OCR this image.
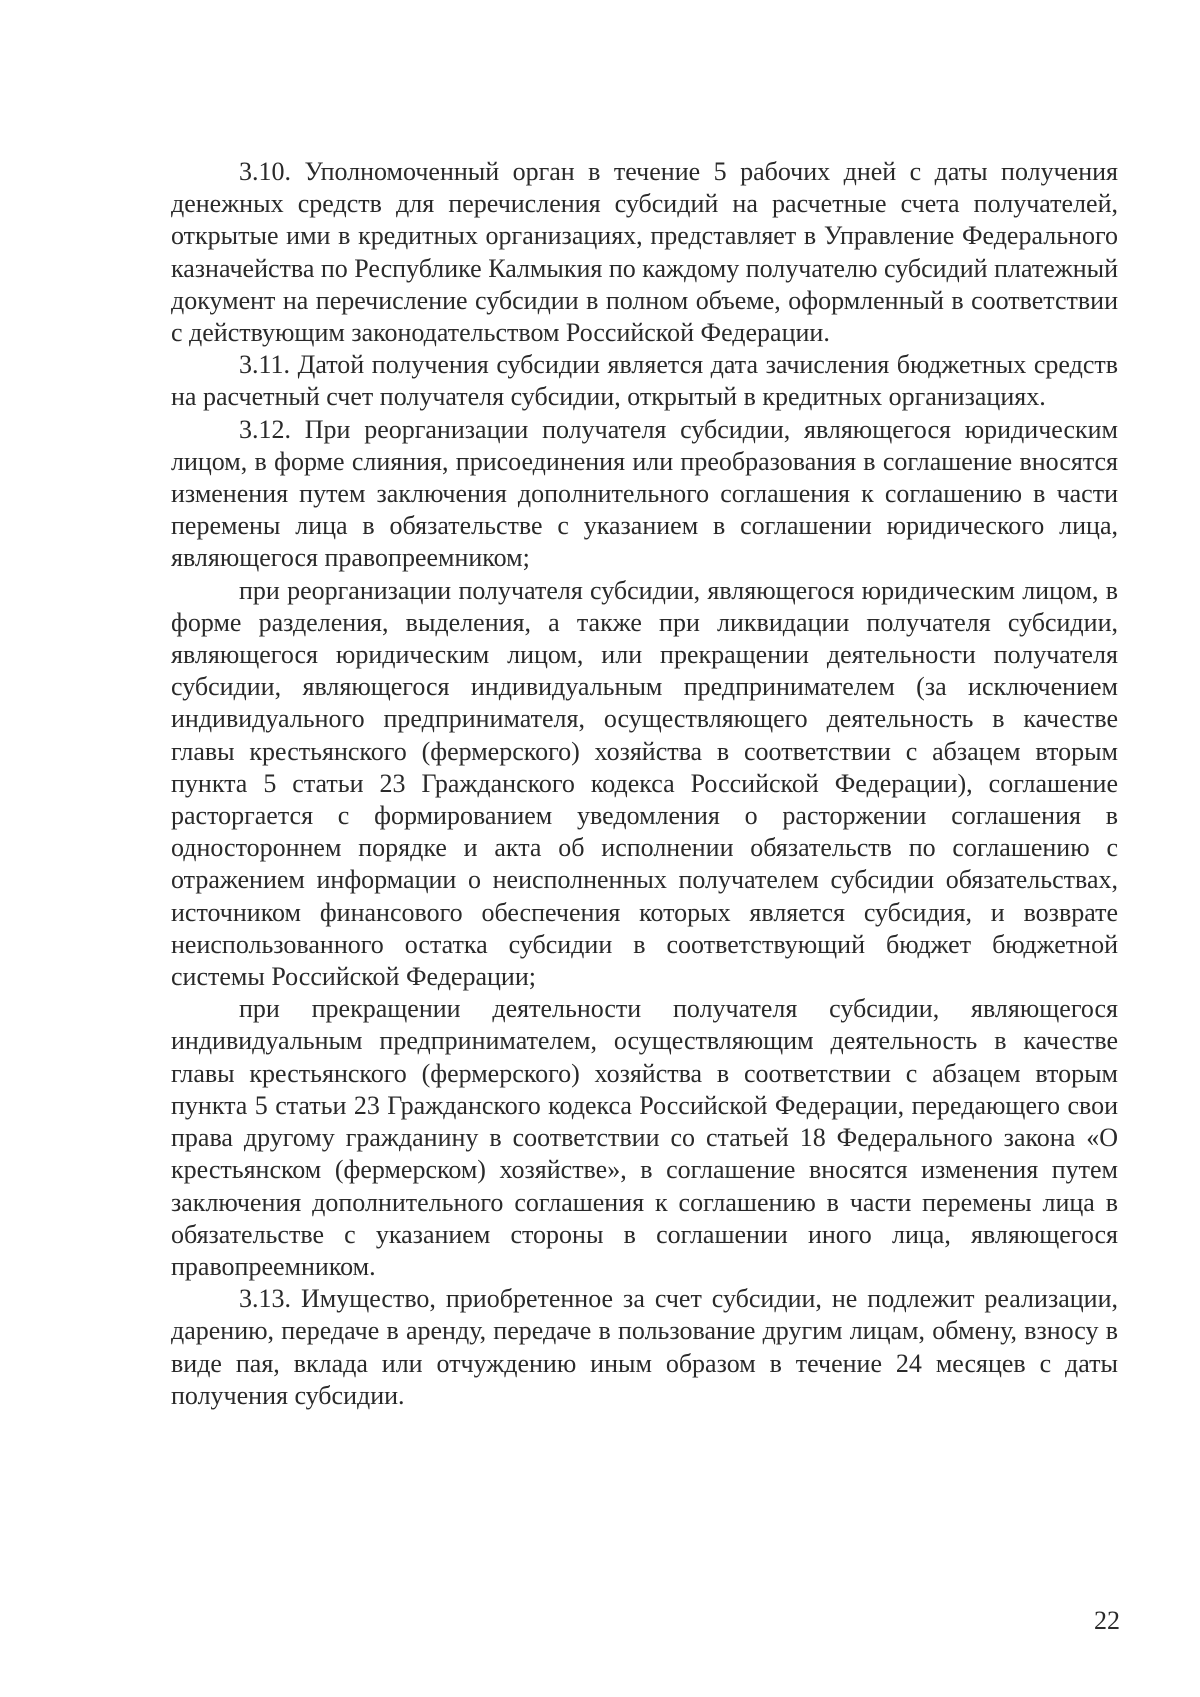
3.10. Уполномоченный орган в течение 5 рабочих дней с даты получения денежных средств для перечисления субсидий на расчетные счета получателей, открытые ими в кредитных организациях, представляет в Управление Федерального казначейства по Республике Калмыкия по каждому получателю субсидий платежный документ на перечисление субсидии в полном объеме, оформленный в соответствии с действующим законодательством Российской Федерации.

3.11. Датой получения субсидии является дата зачисления бюджетных средств на расчетный счет получателя субсидии, открытый в кредитных организациях.

3.12. При реорганизации получателя субсидии, являющегося юридическим лицом, в форме слияния, присоединения или преобразования в соглашение вносятся изменения путем заключения дополнительного соглашения к соглашению в части перемены лица в обязательстве с указанием в соглашении юридического лица, являющегося правопреемником;

при реорганизации получателя субсидии, являющегося юридическим лицом, в форме разделения, выделения, а также при ликвидации получателя субсидии, являющегося юридическим лицом, или прекращении деятельности получателя субсидии, являющегося индивидуальным предпринимателем (за исключением индивидуального предпринимателя, осуществляющего деятельность в качестве главы крестьянского (фермерского) хозяйства в соответствии с абзацем вторым пункта 5 статьи 23 Гражданского кодекса Российской Федерации), соглашение расторгается с формированием уведомления о расторжении соглашения в одностороннем порядке и акта об исполнении обязательств по соглашению с отражением информации о неисполненных получателем субсидии обязательствах, источником финансового обеспечения которых является субсидия, и возврате неиспользованного остатка субсидии в соответствующий бюджет бюджетной системы Российской Федерации;

при прекращении деятельности получателя субсидии, являющегося индивидуальным предпринимателем, осуществляющим деятельность в качестве главы крестьянского (фермерского) хозяйства в соответствии с абзацем вторым пункта 5 статьи 23 Гражданского кодекса Российской Федерации, передающего свои права другому гражданину в соответствии со статьей 18 Федерального закона «О крестьянском (фермерском) хозяйстве», в соглашение вносятся изменения путем заключения дополнительного соглашения к соглашению в части перемены лица в обязательстве с указанием стороны в соглашении иного лица, являющегося правопреемником.

3.13. Имущество, приобретенное за счет субсидии, не подлежит реализации, дарению, передаче в аренду, передаче в пользование другим лицам, обмену, взносу в виде пая, вклада или отчуждению иным образом в течение 24 месяцев с даты получения субсидии.

22
